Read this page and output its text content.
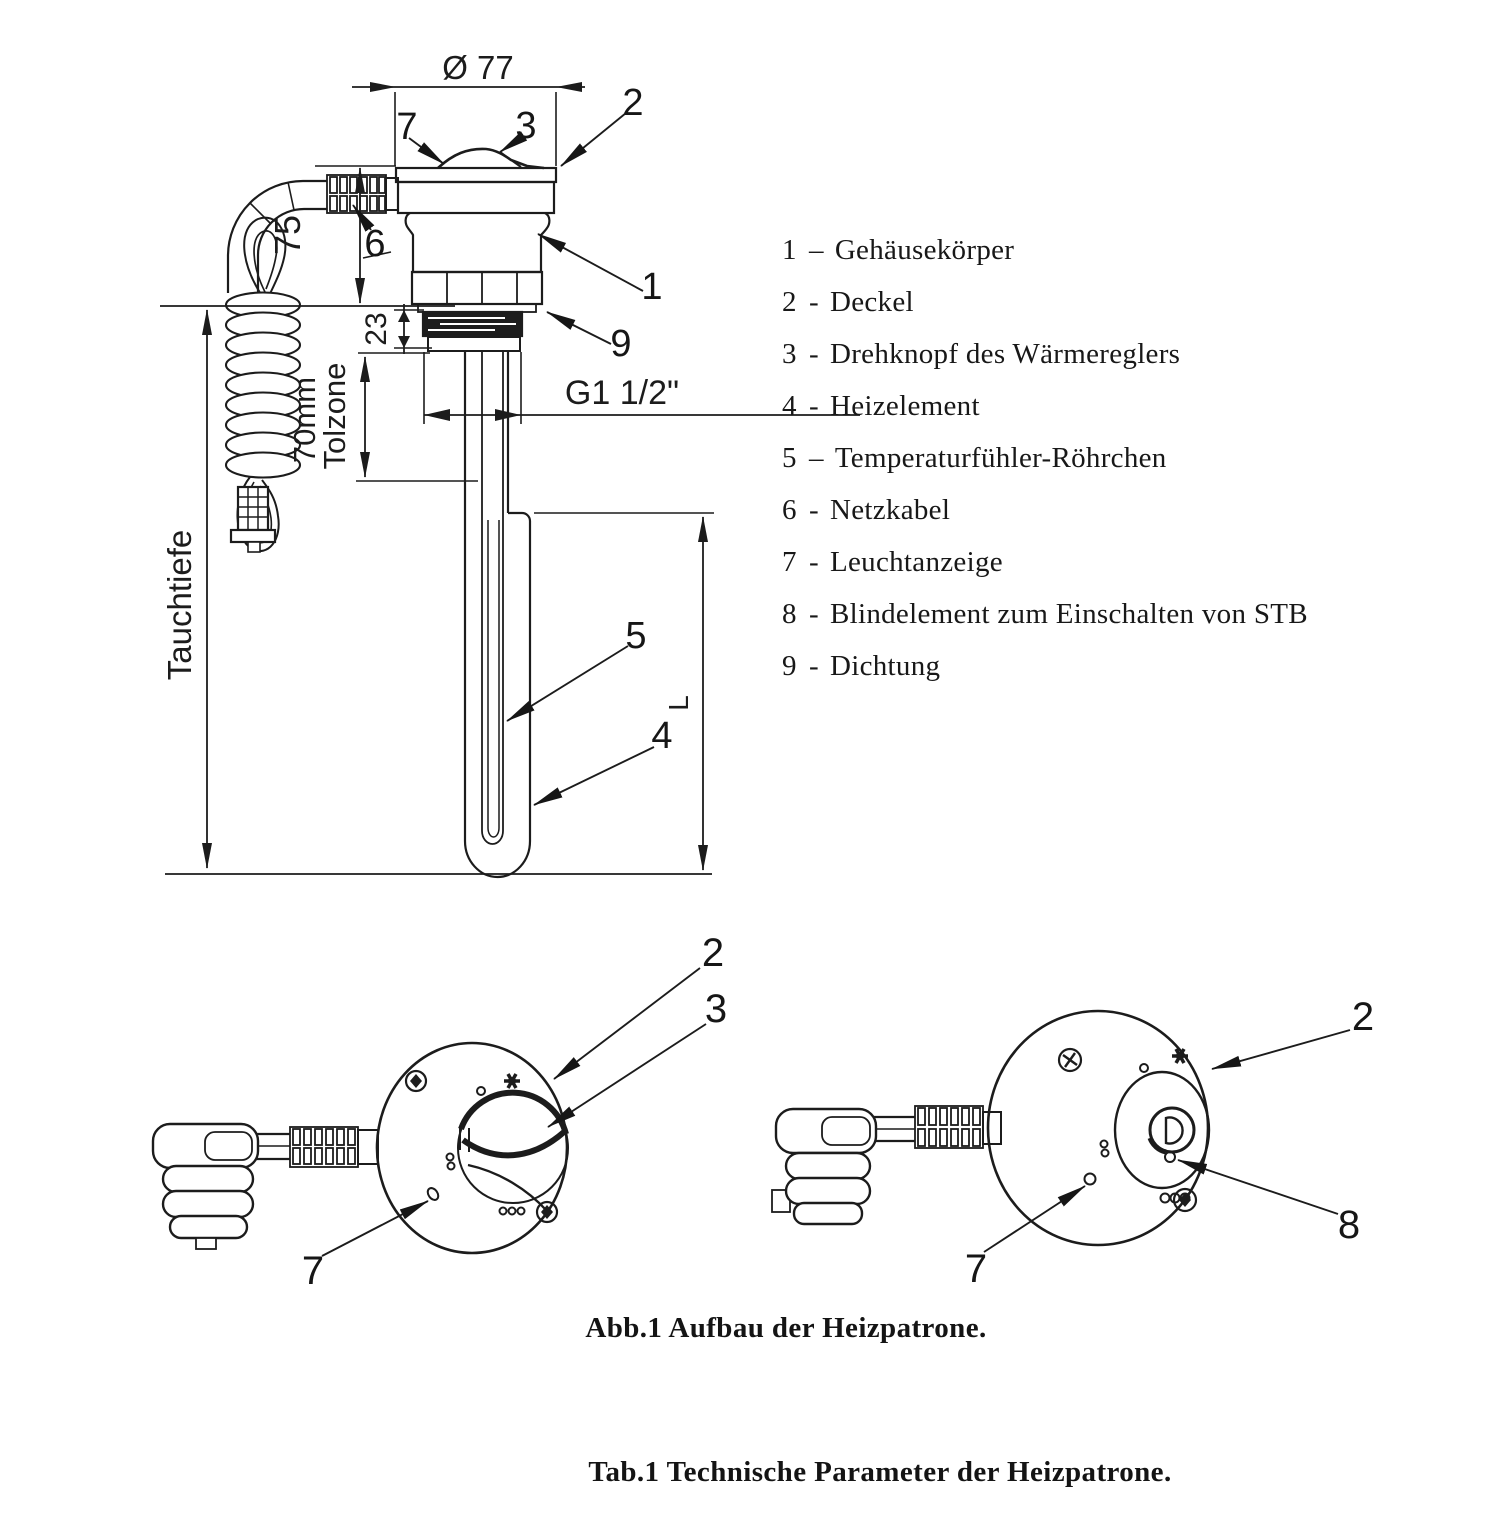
Ø 77
75
Tauchtiefe
23
70mm
Tolzone	G1 1/2"
L
7	3
2
6
1
9
5
4
2
3
7
2
8
7
1 – Gehäusekörper
2 - Deckel
3 - Drehknopf des Wärmereglers
4 - Heizelement
5 – Temperaturfühler-Röhrchen
6 - Netzkabel
7 - Leuchtanzeige
8 - Blindelement zum Einschalten von STB
9 - Dichtung
Abb.1 Aufbau der Heizpatrone.
Tab.1 Technische Parameter der Heizpatrone.
